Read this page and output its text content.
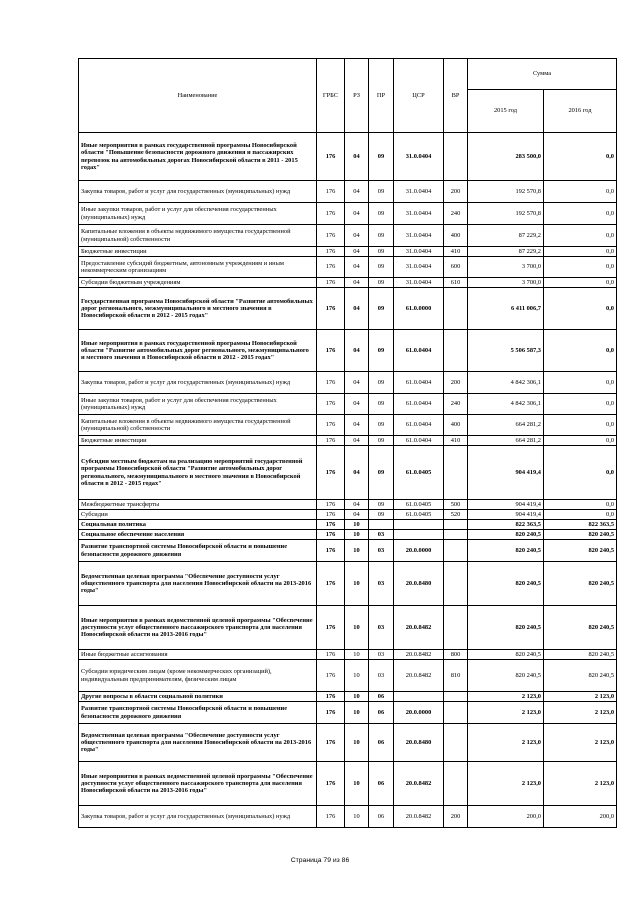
Наименование	ГРБС	РЗ	ПР	ЦСР	ВР	Сумма	
						2015 год	2016 год
Иные мероприятия в рамках государственной программы Новосибирской области "Повышение безопасности дорожного движения и пассажирских перевозок на автомобильных дорогах Новосибирской области в 2011 - 2015 годах"	176	04	09	31.0.0404		283 500,0	0,0
Закупка товаров, работ и услуг для государственных (муниципальных) нужд	176	04	09	31.0.0404	200	192 570,8	0,0
Иные закупки товаров, работ и услуг для обеспечения государственных (муниципальных) нужд	176	04	09	31.0.0404	240	192 570,8	0,0
Капитальные вложения в объекты недвижимого имущества государственной (муниципальной) собственности	176	04	09	31.0.0404	400	87 229,2	0,0
Бюджетные инвестиции	176	04	09	31.0.0404	410	87 229,2	0,0
Предоставление субсидий бюджетным, автономным учреждениям и иным некоммерческим организациям	176	04	09	31.0.0404	600	3 700,0	0,0
Субсидии бюджетным учреждениям	176	04	09	31.0.0404	610	3 700,0	0,0
Государственная программа Новосибирской области "Развитие автомобильных дорог регионального, межмуниципального и местного значения в Новосибирской области в 2012 - 2015 годах"	176	04	09	61.0.0000		6 411 006,7	0,0
Иные мероприятия в рамках государственной программы Новосибирской области "Развитие автомобильных дорог регионального, межмуниципального и местного значения в Новосибирской области в 2012 - 2015 годах"	176	04	09	61.0.0404		5 506 587,3	0,0
Закупка товаров, работ и услуг для государственных (муниципальных) нужд	176	04	09	61.0.0404	200	4 842 306,1	0,0
Иные закупки товаров, работ и услуг для обеспечения государственных (муниципальных) нужд	176	04	09	61.0.0404	240	4 842 306,1	0,0
Капитальные вложения в объекты недвижимого имущества государственной (муниципальной) собственности	176	04	09	61.0.0404	400	664 281,2	0,0
Бюджетные инвестиции	176	04	09	61.0.0404	410	664 281,2	0,0
Субсидии местным бюджетам на реализацию мероприятий государственной программы Новосибирской области "Развитие автомобильных дорог регионального, межмуниципального и местного значения в Новосибирской области в 2012 - 2015 годах"	176	04	09	61.0.0405		904 419,4	0,0
Межбюджетные трансферты	176	04	09	61.0.0405	500	904 419,4	0,0
Субсидии	176	04	09	61.0.0405	520	904 419,4	0,0
Социальная политика	176	10				822 363,5	822 363,5
Социальное обеспечение населения	176	10	03			820 240,5	820 240,5
Развитие транспортной системы Новосибирской области и повышение безопасности дорожного движения	176	10	03	20.0.0000		820 240,5	820 240,5
Ведомственная целевая программа "Обеспечение доступности услуг общественного транспорта для населения Новосибирской области на 2013-2016 годы"	176	10	03	20.0.8480		820 240,5	820 240,5
Иные мероприятия в рамках ведомственной целевой программы "Обеспечение доступности услуг общественного пассажирского транспорта для населения Новосибирской области на 2013-2016 годы"	176	10	03	20.0.8482		820 240,5	820 240,5
Иные бюджетные ассигнования	176	10	03	20.0.8482	800	820 240,5	820 240,5
Субсидии юридическим лицам (кроме некоммерческих организаций), индивидуальным предпринимателям, физическим лицам	176	10	03	20.0.8482	810	820 240,5	820 240,5
Другие вопросы в области социальной политики	176	10	06			2 123,0	2 123,0
Развитие транспортной системы Новосибирской области и повышение безопасности дорожного движения	176	10	06	20.0.0000		2 123,0	2 123,0
Ведомственная целевая программа "Обеспечение доступности услуг общественного транспорта для населения Новосибирской области на 2013-2016 годы"	176	10	06	20.0.8480		2 123,0	2 123,0
Иные мероприятия в рамках ведомственной целевой программы "Обеспечение доступности услуг общественного пассажирского транспорта для населения Новосибирской области на 2013-2016 годы"	176	10	06	20.0.8482		2 123,0	2 123,0
Закупка товаров, работ и услуг для государственных (муниципальных) нужд	176	10	06	20.0.8482	200	200,0	200,0
Страница 79 из 86
